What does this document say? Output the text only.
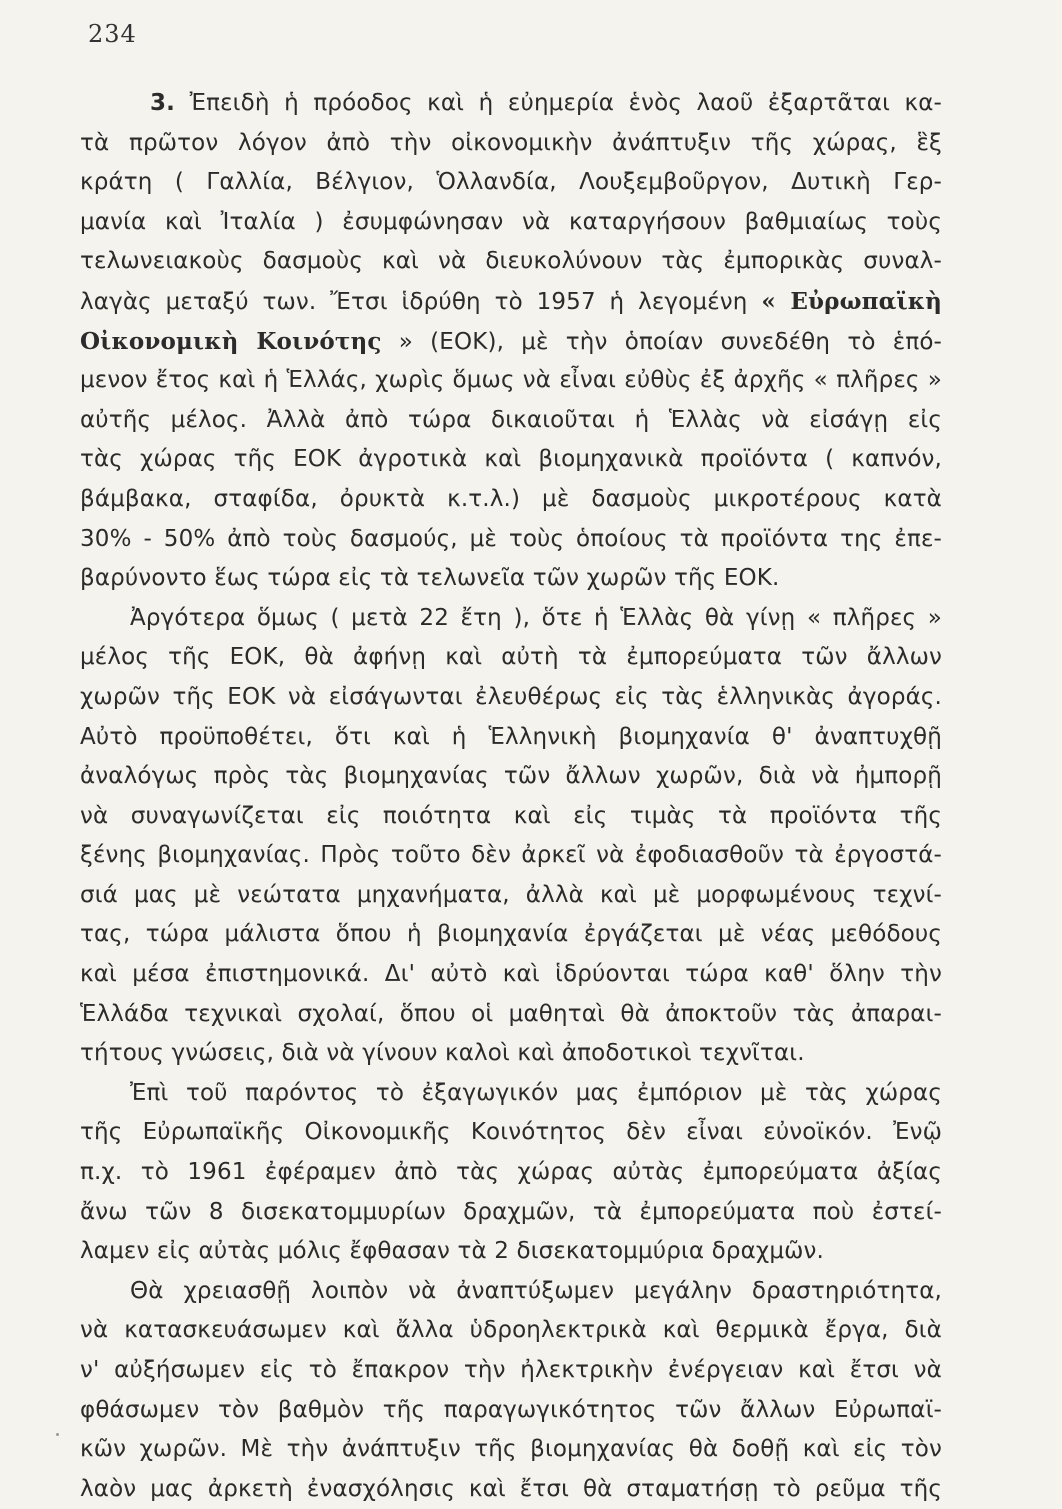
234
3. Ἐπειδὴ ἡ πρόοδος καὶ ἡ εὐημερία ἑνὸς λαοῦ ἐξαρτᾶται κα-
τὰ πρῶτον λόγον ἀπὸ τὴν οἰκονομικὴν ἀνάπτυξιν τῆς χώρας, ἓξ
κράτη ( Γαλλία, Βέλγιον, Ὁλλανδία, Λουξεμβοῦργον, Δυτικὴ Γερ-
μανία καὶ Ἰταλία ) ἐσυμφώνησαν νὰ καταργήσουν βαθμιαίως τοὺς
τελωνειακοὺς δασμοὺς καὶ νὰ διευκολύνουν τὰς ἐμπορικὰς συναλ-
λαγὰς μεταξύ των. Ἔτσι ἱδρύθη τὸ 1957 ἡ λεγομένη « Εὐρωπαϊκὴ
Οἰκονομικὴ Κοινότης » (ΕΟΚ), μὲ τὴν ὁποίαν συνεδέθη τὸ ἑπό-
μενον ἔτος καὶ ἡ Ἑλλάς, χωρὶς ὅμως νὰ εἶναι εὐθὺς ἐξ ἀρχῆς « πλῆρες »
αὐτῆς μέλος. Ἀλλὰ ἀπὸ τώρα δικαιοῦται ἡ Ἑλλὰς νὰ εἰσάγῃ εἰς
τὰς χώρας τῆς ΕΟΚ ἀγροτικὰ καὶ βιομηχανικὰ προϊόντα ( καπνόν,
βάμβακα, σταφίδα, ὀρυκτὰ κ.τ.λ.) μὲ δασμοὺς μικροτέρους κατὰ
30% - 50% ἀπὸ τοὺς δασμούς, μὲ τοὺς ὁποίους τὰ προϊόντα της ἐπε-
βαρύνοντο ἕως τώρα εἰς τὰ τελωνεῖα τῶν χωρῶν τῆς ΕΟΚ.
Ἀργότερα ὅμως ( μετὰ 22 ἔτη ), ὅτε ἡ Ἑλλὰς θὰ γίνῃ « πλῆρες »
μέλος τῆς ΕΟΚ, θὰ ἀφήνῃ καὶ αὐτὴ τὰ ἐμπορεύματα τῶν ἄλλων
χωρῶν τῆς ΕΟΚ νὰ εἰσάγωνται ἐλευθέρως εἰς τὰς ἑλληνικὰς ἀγοράς.
Αὐτὸ προϋποθέτει, ὅτι καὶ ἡ Ἑλληνικὴ βιομηχανία θ' ἀναπτυχθῇ
ἀναλόγως πρὸς τὰς βιομηχανίας τῶν ἄλλων χωρῶν, διὰ νὰ ἠμπορῇ
νὰ συναγωνίζεται εἰς ποιότητα καὶ εἰς τιμὰς τὰ προϊόντα τῆς
ξένης βιομηχανίας. Πρὸς τοῦτο δὲν ἀρκεῖ νὰ ἐφοδιασθοῦν τὰ ἐργοστά-
σιά μας μὲ νεώτατα μηχανήματα, ἀλλὰ καὶ μὲ μορφωμένους τεχνί-
τας, τώρα μάλιστα ὅπου ἡ βιομηχανία ἐργάζεται μὲ νέας μεθόδους
καὶ μέσα ἐπιστημονικά. Δι' αὐτὸ καὶ ἱδρύονται τώρα καθ' ὅλην τὴν
Ἑλλάδα τεχνικαὶ σχολαί, ὅπου οἱ μαθηταὶ θὰ ἀποκτοῦν τὰς ἀπαραι-
τήτους γνώσεις, διὰ νὰ γίνουν καλοὶ καὶ ἀποδοτικοὶ τεχνῖται.
Ἐπὶ τοῦ παρόντος τὸ ἐξαγωγικόν μας ἐμπόριον μὲ τὰς χώρας
τῆς Εὐρωπαϊκῆς Οἰκονομικῆς Κοινότητος δὲν εἶναι εὐνοϊκόν. Ἐνῷ
π.χ. τὸ 1961 ἐφέραμεν ἀπὸ τὰς χώρας αὐτὰς ἐμπορεύματα ἀξίας
ἄνω τῶν 8 δισεκατομμυρίων δραχμῶν, τὰ ἐμπορεύματα ποὺ ἐστεί-
λαμεν εἰς αὐτὰς μόλις ἔφθασαν τὰ 2 δισεκατομμύρια δραχμῶν.
Θὰ χρειασθῇ λοιπὸν νὰ ἀναπτύξωμεν μεγάλην δραστηριότητα,
νὰ κατασκευάσωμεν καὶ ἄλλα ὑδροηλεκτρικὰ καὶ θερμικὰ ἔργα, διὰ
ν' αὐξήσωμεν εἰς τὸ ἔπακρον τὴν ἠλεκτρικὴν ἐνέργειαν καὶ ἔτσι νὰ
φθάσωμεν τὸν βαθμὸν τῆς παραγωγικότητος τῶν ἄλλων Εὐρωπαϊ-
κῶν χωρῶν. Μὲ τὴν ἀνάπτυξιν τῆς βιομηχανίας θὰ δοθῇ καὶ εἰς τὸν
λαὸν μας ἀρκετὴ ἐνασχόλησις καὶ ἔτσι θὰ σταματήσῃ τὸ ρεῦμα τῆς
